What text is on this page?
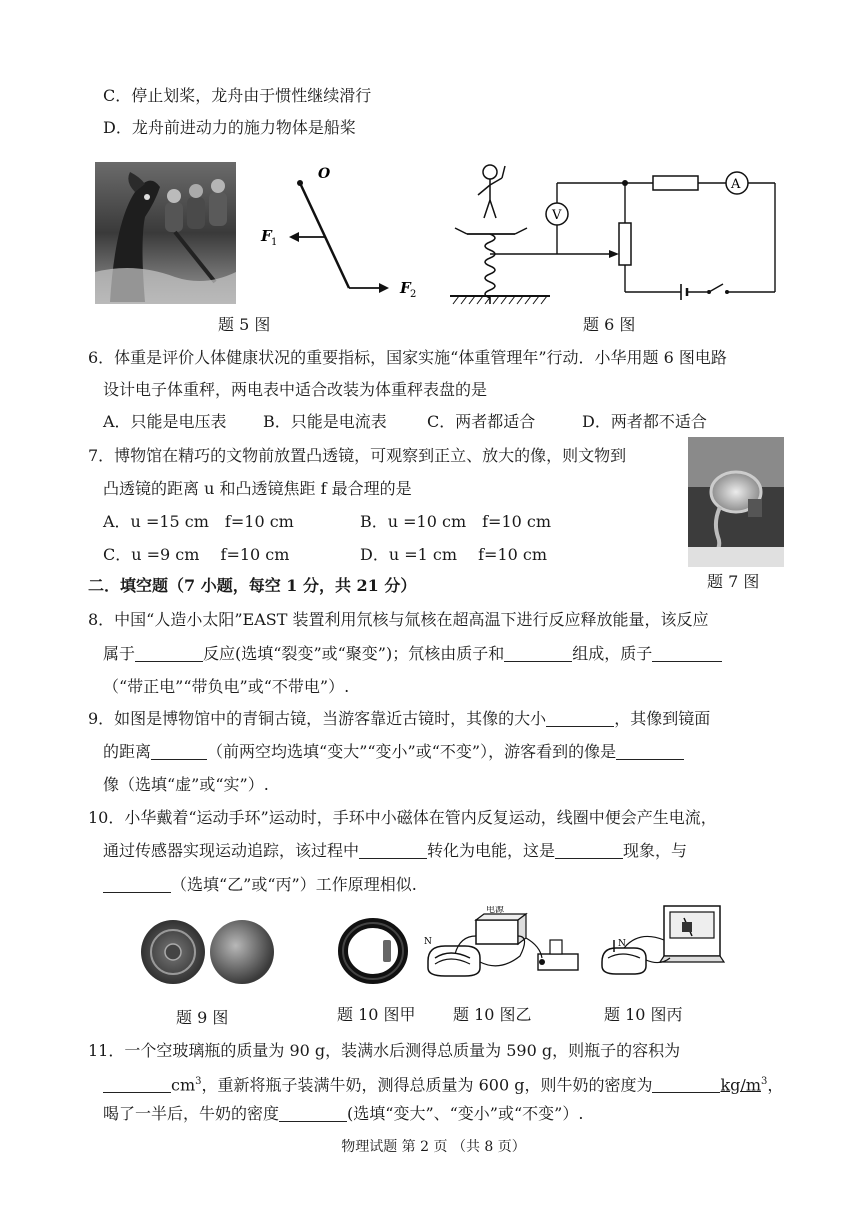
C．停止划桨，龙舟由于惯性继续滑行
D．龙舟前进动力的施力物体是船桨
O
F 1
F 2
V
A
题 5 图	题 6 图
6．体重是评价人体健康状况的重要指标，国家实施“体重管理年”行动．小华用题 6 图电路
设计电子体重秤，两电表中适合改装为体重秤表盘的是
A．只能是电压表 B．只能是电流表	C．两者都适合	D．两者都不适合
7．博物馆在精巧的文物前放置凸透镜，可观察到正立、放大的像，则文物到
凸透镜的距离 u 和凸透镜焦距 f 最合理的是
A．u =15 cm　f=10 cm	B．u =10 cm　f=10 cm
C．u =9 cm　 f=10 cm	D．u =1 cm　 f=10 cm
题 7 图
二．填空题（7 小题，每空 1 分，共 21 分）
8．中国“人造小太阳”EAST 装置利用氘核与氚核在超高温下进行反应释放能量，该反应
属于	反应(选填“裂变”或“聚变”)；氘核由质子和	组成，质子
（“带正电”“带负电”或“不带电”）.
9．如图是博物馆中的青铜古镜，当游客靠近古镜时，其像的大小	，其像到镜面
的距离	（前两空均选填“变大”“变小”或“不变”），游客看到的像是
像（选填“虚”或“实”）.
10．小华戴着“运动手环”运动时，手环中小磁体在管内反复运动，线圈中便会产生电流，
通过传感器实现运动追踪，该过程中	转化为电能，这是	现象，与
（选填“乙”或“丙”）工作原理相似.
电源
N	N
题 9 图	题 10 图甲 题 10 图乙	题 10 图丙
11．一个空玻璃瓶的质量为 90 g，装满水后测得总质量为 590 g，则瓶子的容积为
$cm^3$，重新将瓶子装满牛奶，测得总质量为 600 g，则牛奶的密度为	$kg/m^3$，
喝了一半后，牛奶的密度	(选填“变大”、“变小”或“不变”）.
物理试题 第 2 页 （共 8 页）
